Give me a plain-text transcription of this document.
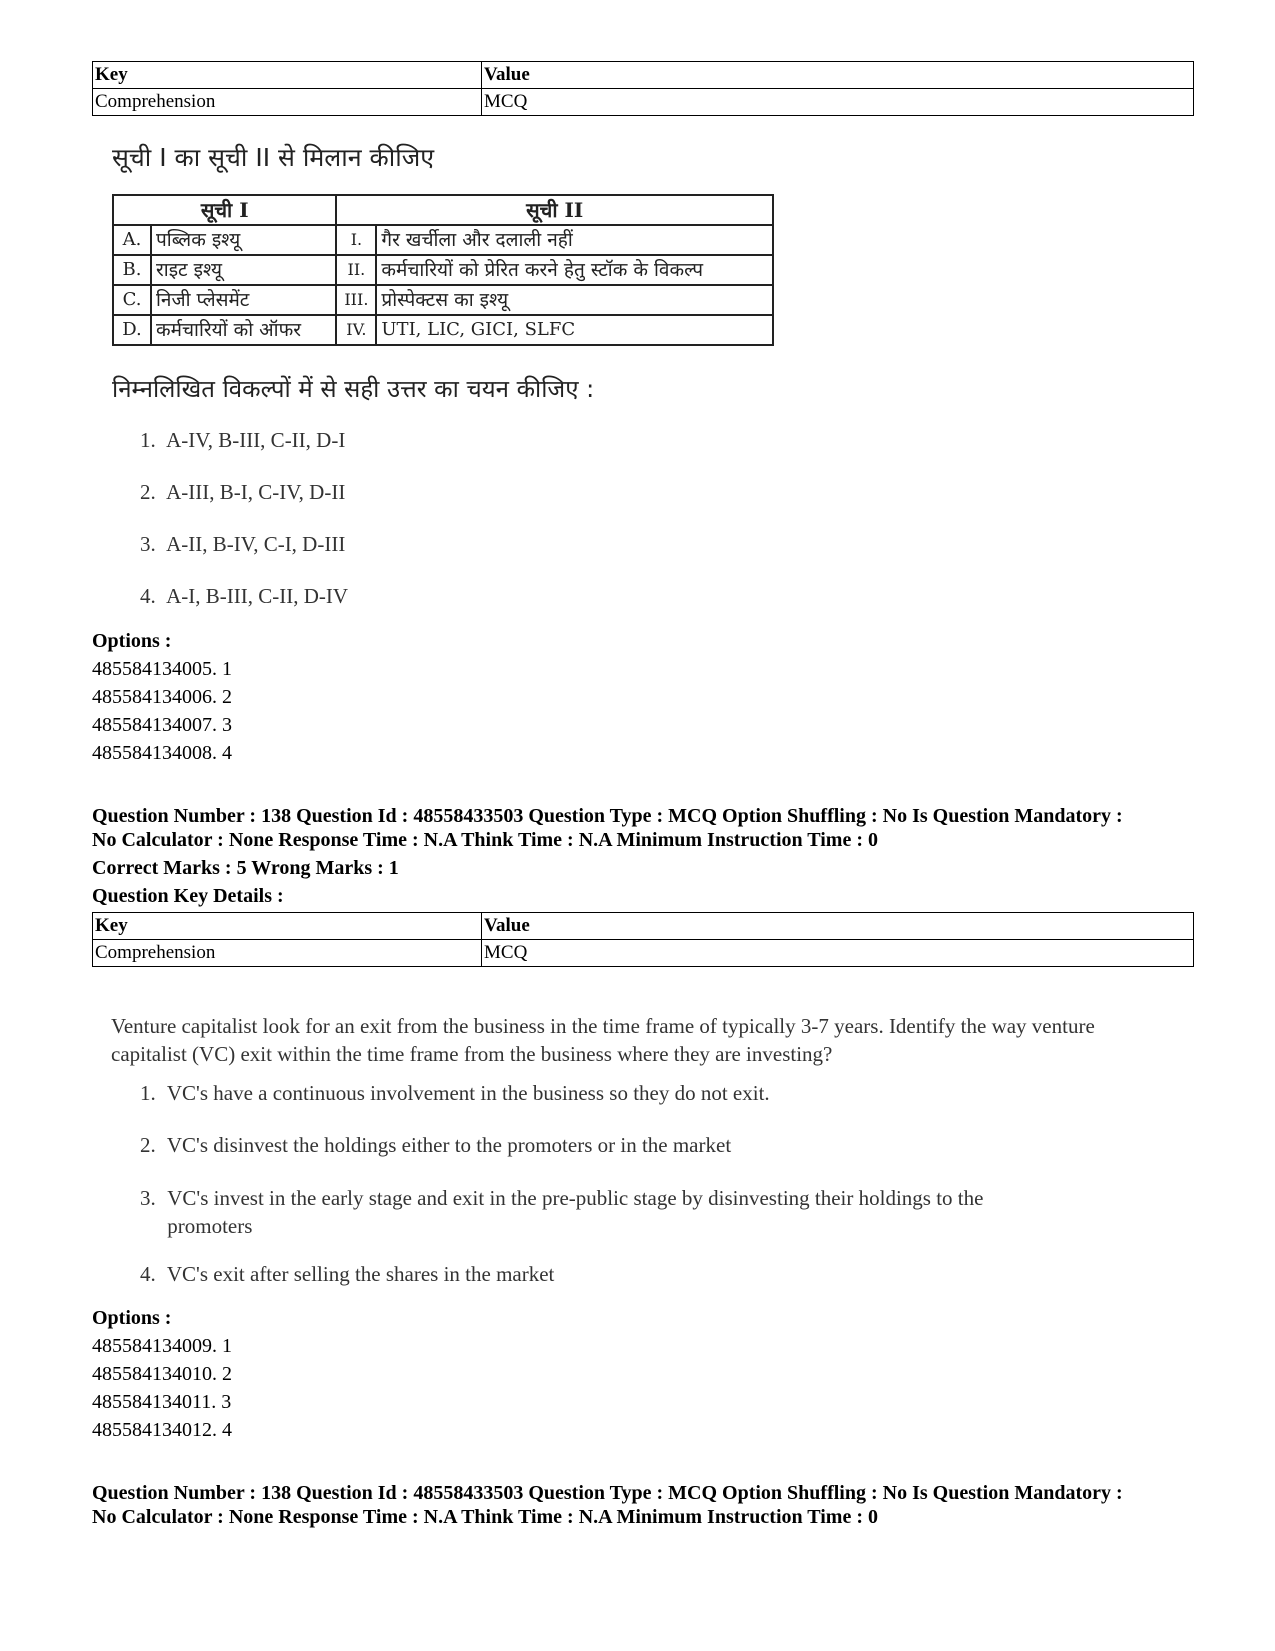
Key	Value
Comprehension	MCQ
सूची I का सूची II से मिलान कीजिए
सूची I		सूची II	
A.	पब्लिक इश्यू	I.	गैर खर्चीला और दलाली नहीं
B.	राइट इश्यू	II.	कर्मचारियों को प्रेरित करने हेतु स्टॉक के विकल्प
C.	निजी प्लेसमेंट	III.	प्रोस्पेक्टस का इश्यू
D.	कर्मचारियों को ऑफर	IV.	UTI, LIC, GICI, SLFC
निम्नलिखित विकल्पों में से सही उत्तर का चयन कीजिए :
1. A-IV, B-III, C-II, D-I
2. A-III, B-I, C-IV, D-II
3. A-II, B-IV, C-I, D-III
4. A-I, B-III, C-II, D-IV
Options :
485584134005. 1
485584134006. 2
485584134007. 3
485584134008. 4
Question Number : 138 Question Id : 48558433503 Question Type : MCQ Option Shuffling : No Is Question Mandatory :
No Calculator : None Response Time : N.A Think Time : N.A Minimum Instruction Time : 0
Correct Marks : 5 Wrong Marks : 1
Question Key Details :
Key	Value
Comprehension	MCQ
Venture capitalist look for an exit from the business in the time frame of typically 3-7 years. Identify the way venture capitalist (VC) exit within the time frame from the business where they are investing?
1. VC's have a continuous involvement in the business so they do not exit.
2. VC's disinvest the holdings either to the promoters or in the market
3. VC's invest in the early stage and exit in the pre-public stage by disinvesting their holdings to the promoters
4. VC's exit after selling the shares in the market
Options :
485584134009. 1
485584134010. 2
485584134011. 3
485584134012. 4
Question Number : 138 Question Id : 48558433503 Question Type : MCQ Option Shuffling : No Is Question Mandatory :
No Calculator : None Response Time : N.A Think Time : N.A Minimum Instruction Time : 0
